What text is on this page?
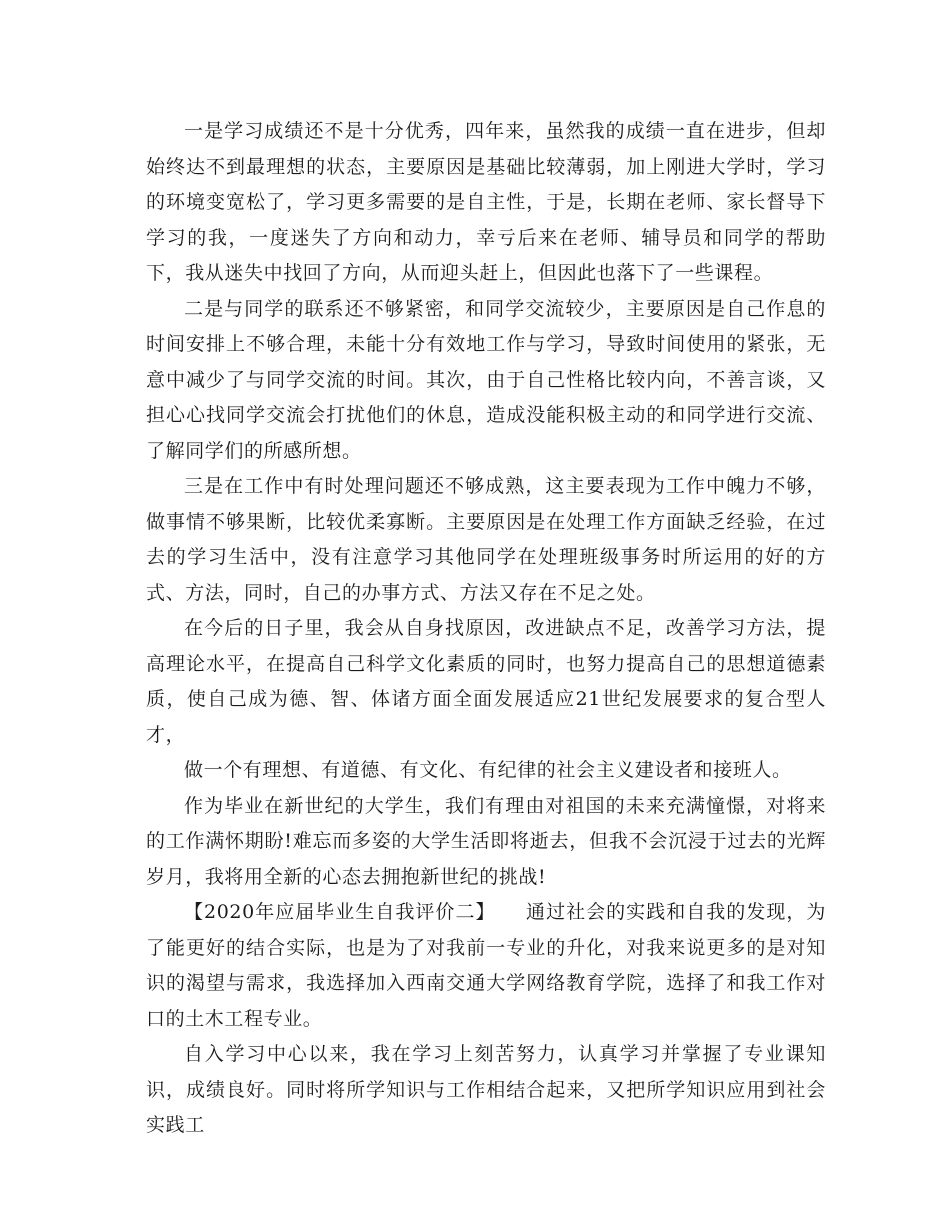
一是学习成绩还不是十分优秀，四年来，虽然我的成绩一直在进步，但却始终达不到最理想的状态，主要原因是基础比较薄弱，加上刚进大学时，学习的环境变宽松了，学习更多需要的是自主性，于是，长期在老师、家长督导下学习的我，一度迷失了方向和动力，幸亏后来在老师、辅导员和同学的帮助下，我从迷失中找回了方向，从而迎头赶上，但因此也落下了一些课程。

二是与同学的联系还不够紧密，和同学交流较少，主要原因是自己作息的时间安排上不够合理，未能十分有效地工作与学习，导致时间使用的紧张，无意中减少了与同学交流的时间。其次，由于自己性格比较内向，不善言谈，又担心心找同学交流会打扰他们的休息，造成没能积极主动的和同学进行交流、了解同学们的所感所想。

三是在工作中有时处理问题还不够成熟，这主要表现为工作中魄力不够，做事情不够果断，比较优柔寡断。主要原因是在处理工作方面缺乏经验，在过去的学习生活中，没有注意学习其他同学在处理班级事务时所运用的好的方式、方法，同时，自己的办事方式、方法又存在不足之处。

在今后的日子里，我会从自身找原因，改进缺点不足，改善学习方法，提高理论水平，在提高自己科学文化素质的同时，也努力提高自己的思想道德素质，使自己成为德、智、体诸方面全面发展适应21世纪发展要求的复合型人才，

做一个有理想、有道德、有文化、有纪律的社会主义建设者和接班人。

作为毕业在新世纪的大学生，我们有理由对祖国的未来充满憧憬，对将来的工作满怀期盼!难忘而多姿的大学生活即将逝去，但我不会沉浸于过去的光辉岁月，我将用全新的心态去拥抱新世纪的挑战!

【2020年应届毕业生自我评价二】　　通过社会的实践和自我的发现，为了能更好的结合实际，也是为了对我前一专业的升化，对我来说更多的是对知识的渴望与需求，我选择加入西南交通大学网络教育学院，选择了和我工作对口的土木工程专业。

自入学习中心以来，我在学习上刻苦努力，认真学习并掌握了专业课知识，成绩良好。同时将所学知识与工作相结合起来，又把所学知识应用到社会实践工
